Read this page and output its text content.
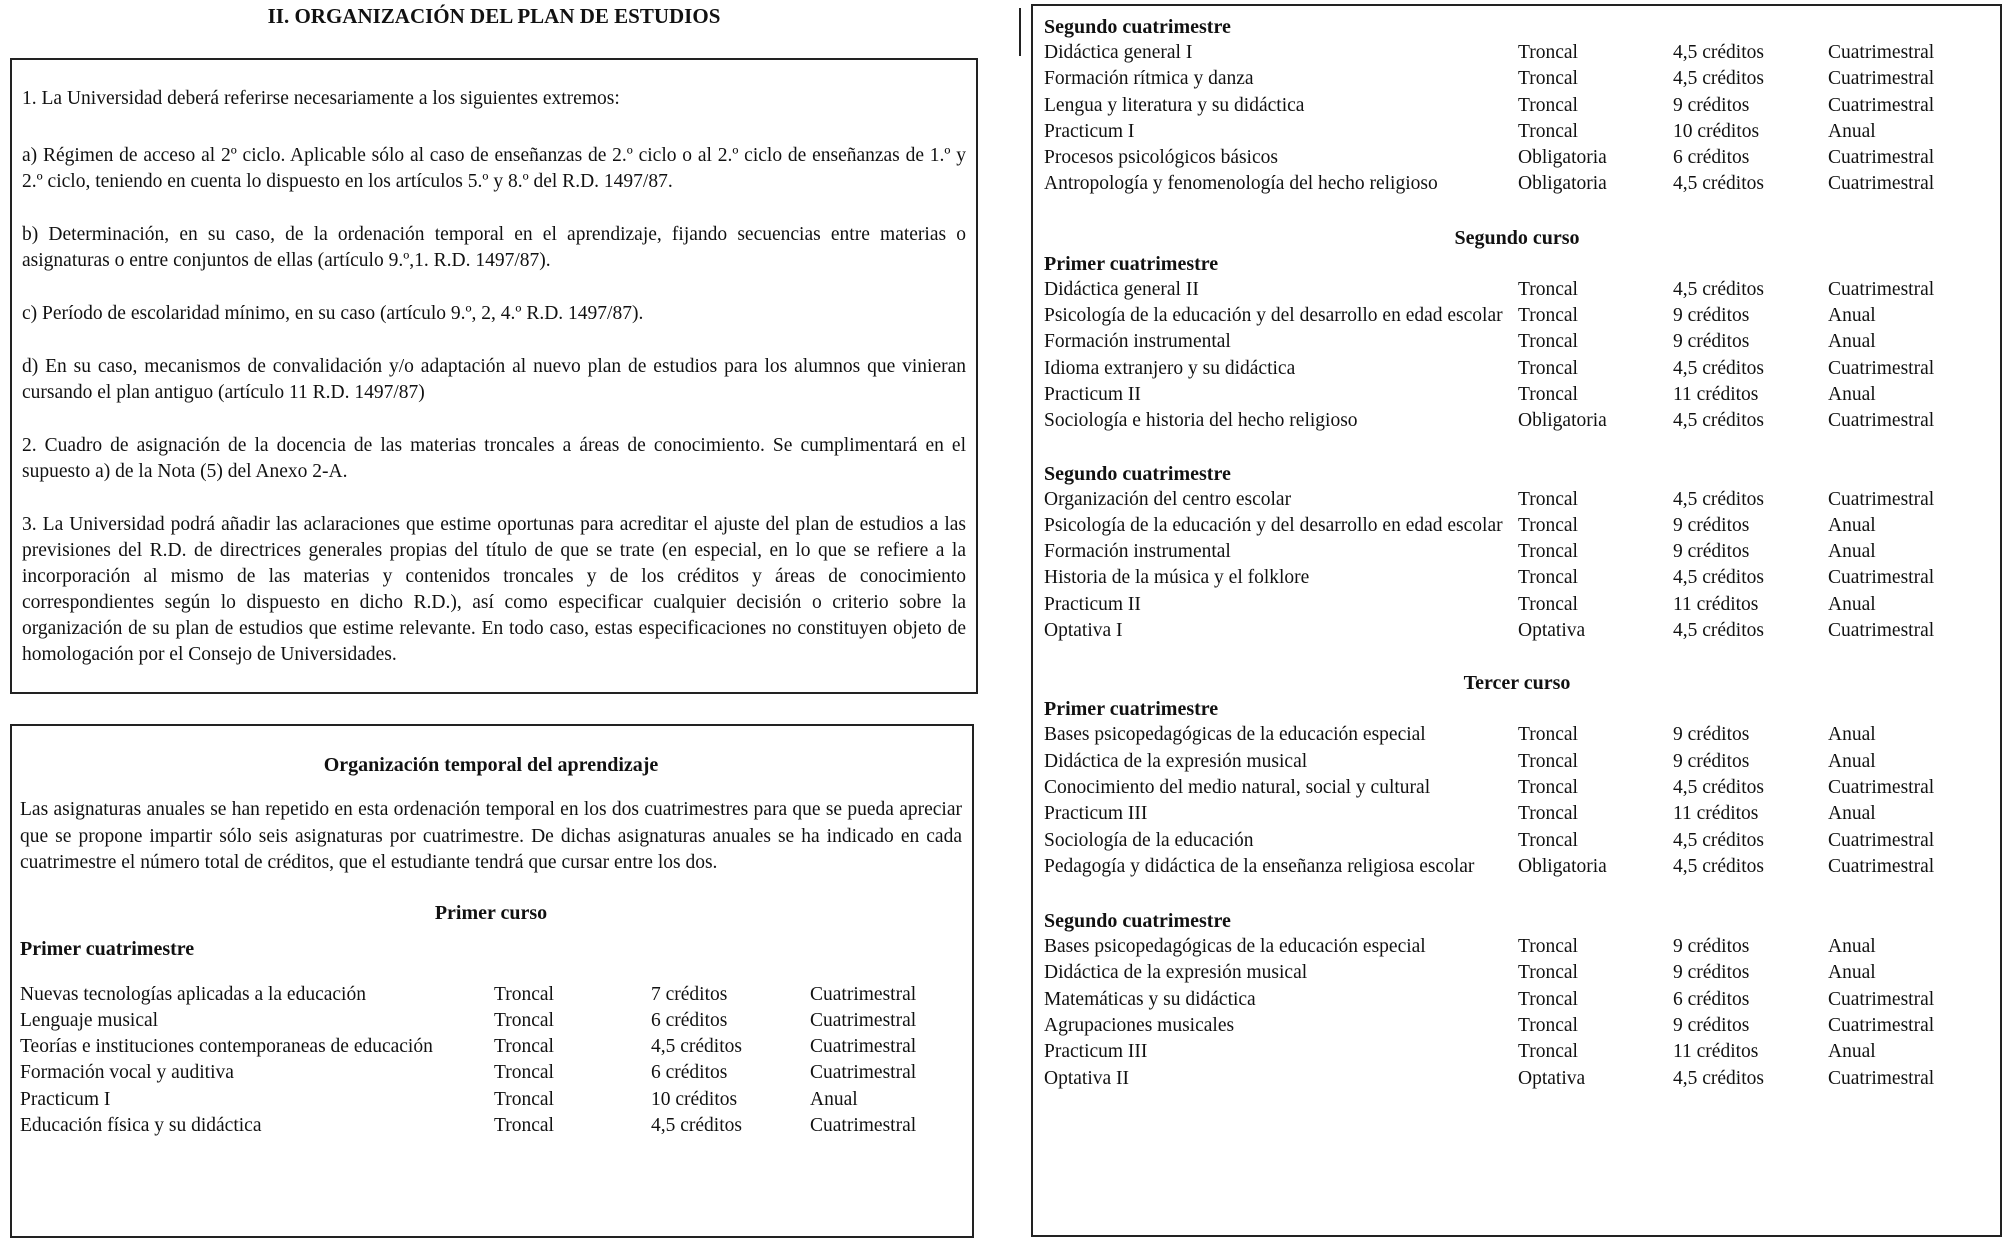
II. ORGANIZACIÓN DEL PLAN DE ESTUDIOS

1. La Universidad deberá referirse necesariamente a los siguientes extremos:

a) Régimen de acceso al 2º ciclo. Aplicable sólo al caso de enseñanzas de 2.º ciclo o al 2.º ciclo de enseñanzas de 1.º y 2.º ciclo, teniendo en cuenta lo dispuesto en los artículos 5.º y 8.º del R.D. 1497/87.

b) Determinación, en su caso, de la ordenación temporal en el aprendizaje, fijando secuencias entre materias o asignaturas o entre conjuntos de ellas (artículo 9.º,1. R.D. 1497/87).

c) Período de escolaridad mínimo, en su caso (artículo 9.º, 2, 4.º R.D. 1497/87).

d) En su caso, mecanismos de convalidación y/o adaptación al nuevo plan de estudios para los alumnos que vinieran cursando el plan antiguo (artículo 11 R.D. 1497/87)

2. Cuadro de asignación de la docencia de las materias troncales a áreas de conocimiento. Se cumplimentará en el supuesto a) de la Nota (5) del Anexo 2-A.

3. La Universidad podrá añadir las aclaraciones que estime oportunas para acreditar el ajuste del plan de estudios a las previsiones del R.D. de directrices generales propias del título de que se trate (en especial, en lo que se refiere a la incorporación al mismo de las materias y contenidos troncales y de los créditos y áreas de conocimiento correspondientes según lo dispuesto en dicho R.D.), así como especificar cualquier decisión o criterio sobre la organización de su plan de estudios que estime relevante. En todo caso, estas especificaciones no constituyen objeto de homologación por el Consejo de Universidades.

Organización temporal del aprendizaje

Las asignaturas anuales se han repetido en esta ordenación temporal en los dos cuatrimestres para que se pueda apreciar que se propone impartir sólo seis asignaturas por cuatrimestre. De dichas asignaturas anuales se ha indicado en cada cuatrimestre el número total de créditos, que el estudiante tendrá que cursar entre los dos.

Primer curso
Primer cuatrimestre
Nuevas tecnologías aplicadas a la educación	Troncal	7 créditos	Cuatrimestral
Lenguaje musical	Troncal	6 créditos	Cuatrimestral
Teorías e instituciones contemporaneas de educación	Troncal	4,5 créditos	Cuatrimestral
Formación vocal y auditiva	Troncal	6 créditos	Cuatrimestral
Practicum I	Troncal	10 créditos	Anual
Educación física y su didáctica	Troncal	4,5 créditos	Cuatrimestral
Segundo cuatrimestre
Didáctica general I	Troncal	4,5 créditos	Cuatrimestral
Formación rítmica y danza	Troncal	4,5 créditos	Cuatrimestral
Lengua y literatura y su didáctica	Troncal	9 créditos	Cuatrimestral
Practicum I	Troncal	10 créditos	Anual
Procesos psicológicos básicos	Obligatoria	6 créditos	Cuatrimestral
Antropología y fenomenología del hecho religioso	Obligatoria	4,5 créditos	Cuatrimestral
Segundo curso
Primer cuatrimestre
Didáctica general II	Troncal	4,5 créditos	Cuatrimestral
Psicología de la educación y del desarrollo en edad escolar Troncal	9 créditos	Anual
Formación instrumental	Troncal	9 créditos	Anual
Idioma extranjero y su didáctica	Troncal	4,5 créditos	Cuatrimestral
Practicum II	Troncal	11 créditos	Anual
Sociología e historia del hecho religioso	Obligatoria	4,5 créditos	Cuatrimestral
Segundo cuatrimestre
Organización del centro escolar	Troncal	4,5 créditos	Cuatrimestral
Psicología de la educación y del desarrollo en edad escolar Troncal	9 créditos	Anual
Formación instrumental	Troncal	9 créditos	Anual
Historia de la música y el folklore	Troncal	4,5 créditos	Cuatrimestral
Practicum II	Troncal	11 créditos	Anual
Optativa I	Optativa	4,5 créditos	Cuatrimestral
Tercer curso
Primer cuatrimestre
Bases psicopedagógicas de la educación especial	Troncal	9 créditos	Anual
Didáctica de la expresión musical	Troncal	9 créditos	Anual
Conocimiento del medio natural, social y cultural	Troncal	4,5 créditos	Cuatrimestral
Practicum III	Troncal	11 créditos	Anual
Sociología de la educación	Troncal	4,5 créditos	Cuatrimestral
Pedagogía y didáctica de la enseñanza religiosa escolar	Obligatoria	4,5 créditos	Cuatrimestral
Segundo cuatrimestre
Bases psicopedagógicas de la educación especial	Troncal	9 créditos	Anual
Didáctica de la expresión musical	Troncal	9 créditos	Anual
Matemáticas y su didáctica	Troncal	6 créditos	Cuatrimestral
Agrupaciones musicales	Troncal	9 créditos	Cuatrimestral
Practicum III	Troncal	11 créditos	Anual
Optativa II	Optativa	4,5 créditos	Cuatrimestral
